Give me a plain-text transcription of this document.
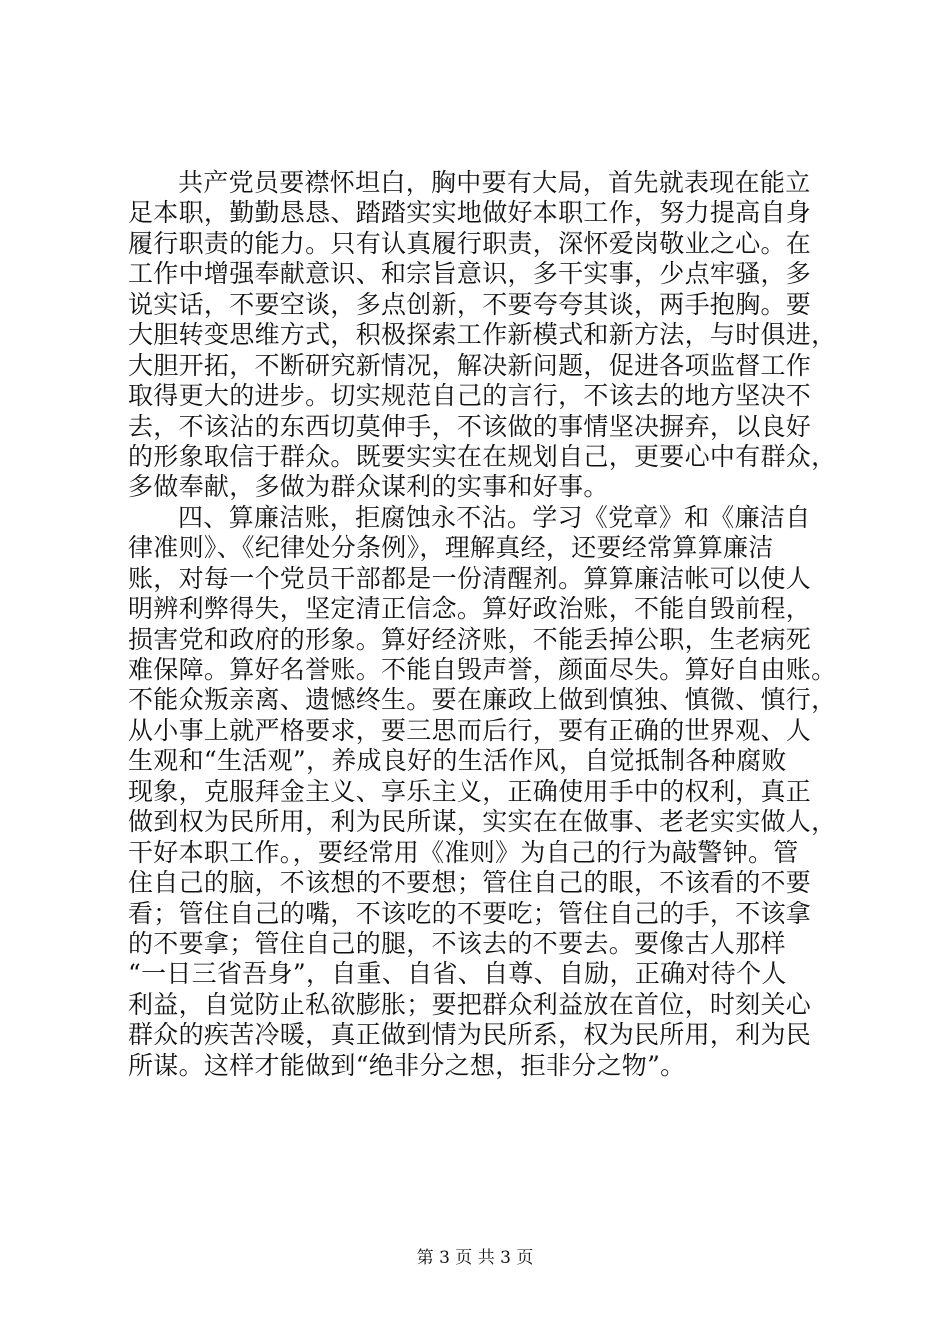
共产党员要襟怀坦白，胸中要有大局，首先就表现在能立
足本职，勤勤恳恳、踏踏实实地做好本职工作，努力提高自身
履行职责的能力。只有认真履行职责，深怀爱岗敬业之心。在
工作中增强奉献意识、和宗旨意识，多干实事，少点牢骚，多
说实话，不要空谈，多点创新，不要夸夸其谈，两手抱胸。要
大胆转变思维方式，积极探索工作新模式和新方法，与时俱进，
大胆开拓，不断研究新情况，解决新问题，促进各项监督工作
取得更大的进步。切实规范自己的言行，不该去的地方坚决不
去，不该沾的东西切莫伸手，不该做的事情坚决摒弃，以良好
的形象取信于群众。既要实实在在规划自己，更要心中有群众，
多做奉献，多做为群众谋利的实事和好事。
四、算廉洁账，拒腐蚀永不沾。学习《党章》和《廉洁自
律准则》、《纪律处分条例》，理解真经，还要经常算算廉洁
账，对每一个党员干部都是一份清醒剂。算算廉洁帐可以使人
明辨利弊得失，坚定清正信念。算好政治账，不能自毁前程，
损害党和政府的形象。算好经济账，不能丢掉公职，生老病死
难保障。算好名誉账。不能自毁声誉，颜面尽失。算好自由账。
不能众叛亲离、遗憾终生。要在廉政上做到慎独、慎微、慎行，
从小事上就严格要求，要三思而后行，要有正确的世界观、人
生观和“生活观”，养成良好的生活作风，自觉抵制各种腐败
现象，克服拜金主义、享乐主义，正确使用手中的权利，真正
做到权为民所用，利为民所谋，实实在在做事、老老实实做人，
干好本职工作。，要经常用《准则》为自己的行为敲警钟。管
住自己的脑，不该想的不要想；管住自己的眼，不该看的不要
看；管住自己的嘴，不该吃的不要吃；管住自己的手，不该拿
的不要拿；管住自己的腿，不该去的不要去。要像古人那样
“一日三省吾身”，自重、自省、自尊、自励，正确对待个人
利益，自觉防止私欲膨胀；要把群众利益放在首位，时刻关心
群众的疾苦冷暖，真正做到情为民所系，权为民所用，利为民
所谋。这样才能做到“绝非分之想，拒非分之物”。
第 3 页 共 3 页
